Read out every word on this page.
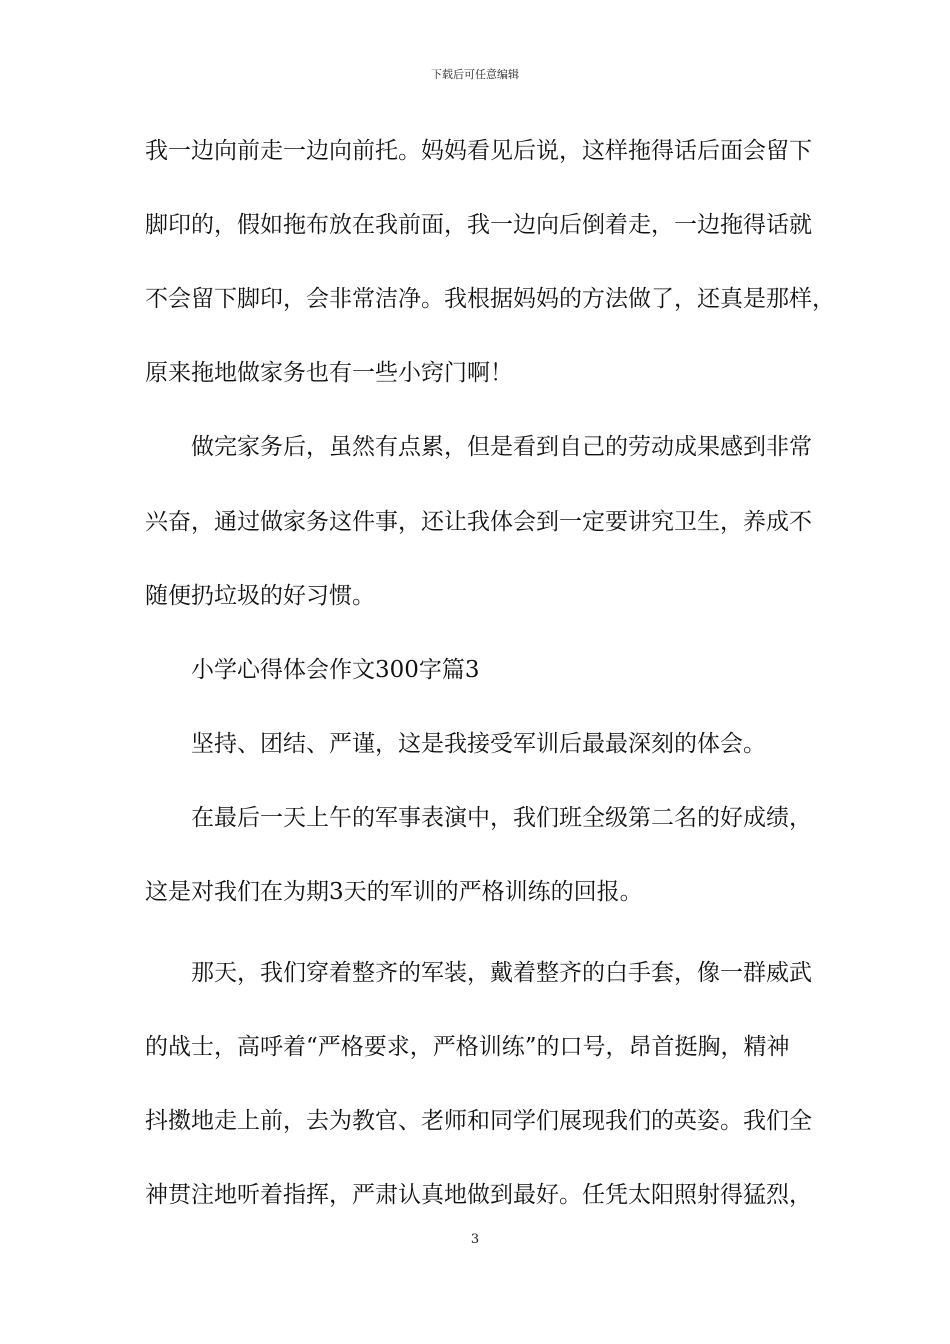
下载后可任意编辑
我一边向前走一边向前托。妈妈看见后说，这样拖得话后面会留下
脚印的，假如拖布放在我前面，我一边向后倒着走，一边拖得话就
不会留下脚印，会非常洁净。我根据妈妈的方法做了，还真是那样，
原来拖地做家务也有一些小窍门啊！
做完家务后，虽然有点累，但是看到自己的劳动成果感到非常
兴奋，通过做家务这件事，还让我体会到一定要讲究卫生，养成不
随便扔垃圾的好习惯。
小学心得体会作文300字篇3
坚持、团结、严谨，这是我接受军训后最最深刻的体会。
在最后一天上午的军事表演中，我们班全级第二名的好成绩，
这是对我们在为期3天的军训的严格训练的回报。
那天，我们穿着整齐的军装，戴着整齐的白手套，像一群威武
的战士，高呼着“严格要求，严格训练”的口号，昂首挺胸，精神
抖擞地走上前，去为教官、老师和同学们展现我们的英姿。我们全
神贯注地听着指挥，严肃认真地做到最好。任凭太阳照射得猛烈，
3
